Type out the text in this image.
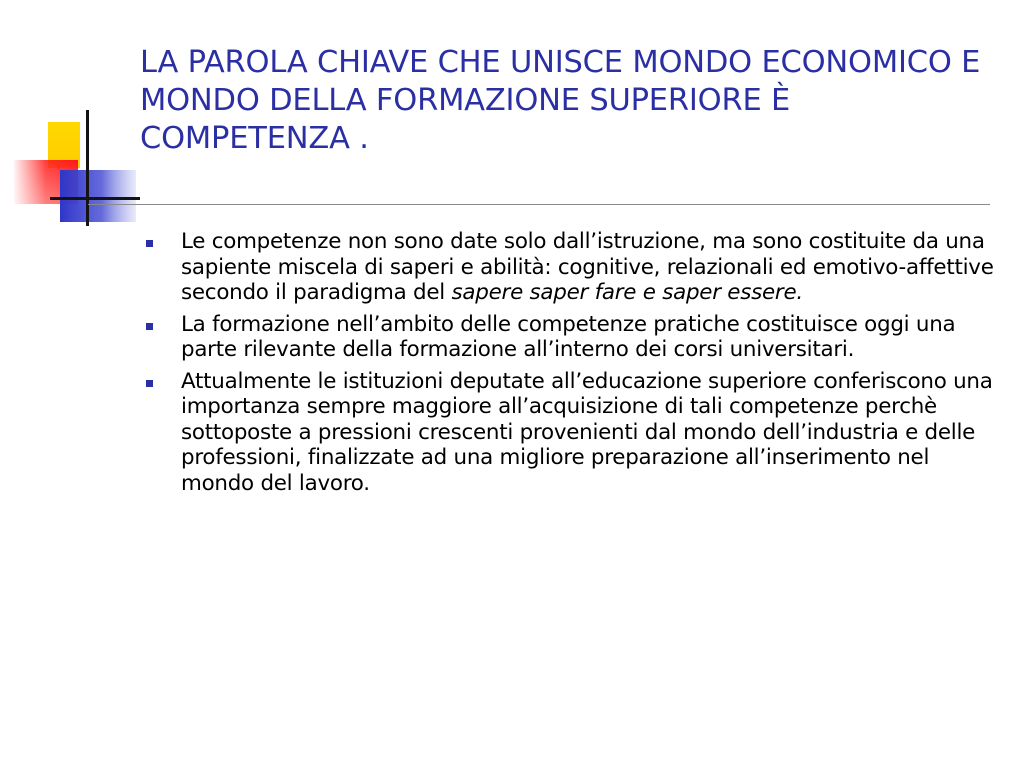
LA PAROLA CHIAVE CHE UNISCE MONDO ECONOMICO E MONDO DELLA FORMAZIONE SUPERIORE È COMPETENZA .
Le competenze non sono date solo dall’istruzione, ma sono costituite da una sapiente miscela di saperi e abilità: cognitive, relazionali ed emotivo-affettive secondo il paradigma del sapere saper fare e saper essere.
La formazione nell’ambito delle competenze pratiche costituisce oggi una parte rilevante della formazione all’interno dei corsi universitari.
Attualmente le istituzioni deputate all’educazione superiore conferiscono una importanza sempre maggiore all’acquisizione di tali competenze perchè sottoposte a pressioni crescenti provenienti dal mondo dell’industria e delle professioni, finalizzate ad una migliore preparazione all’inserimento nel mondo del lavoro.
